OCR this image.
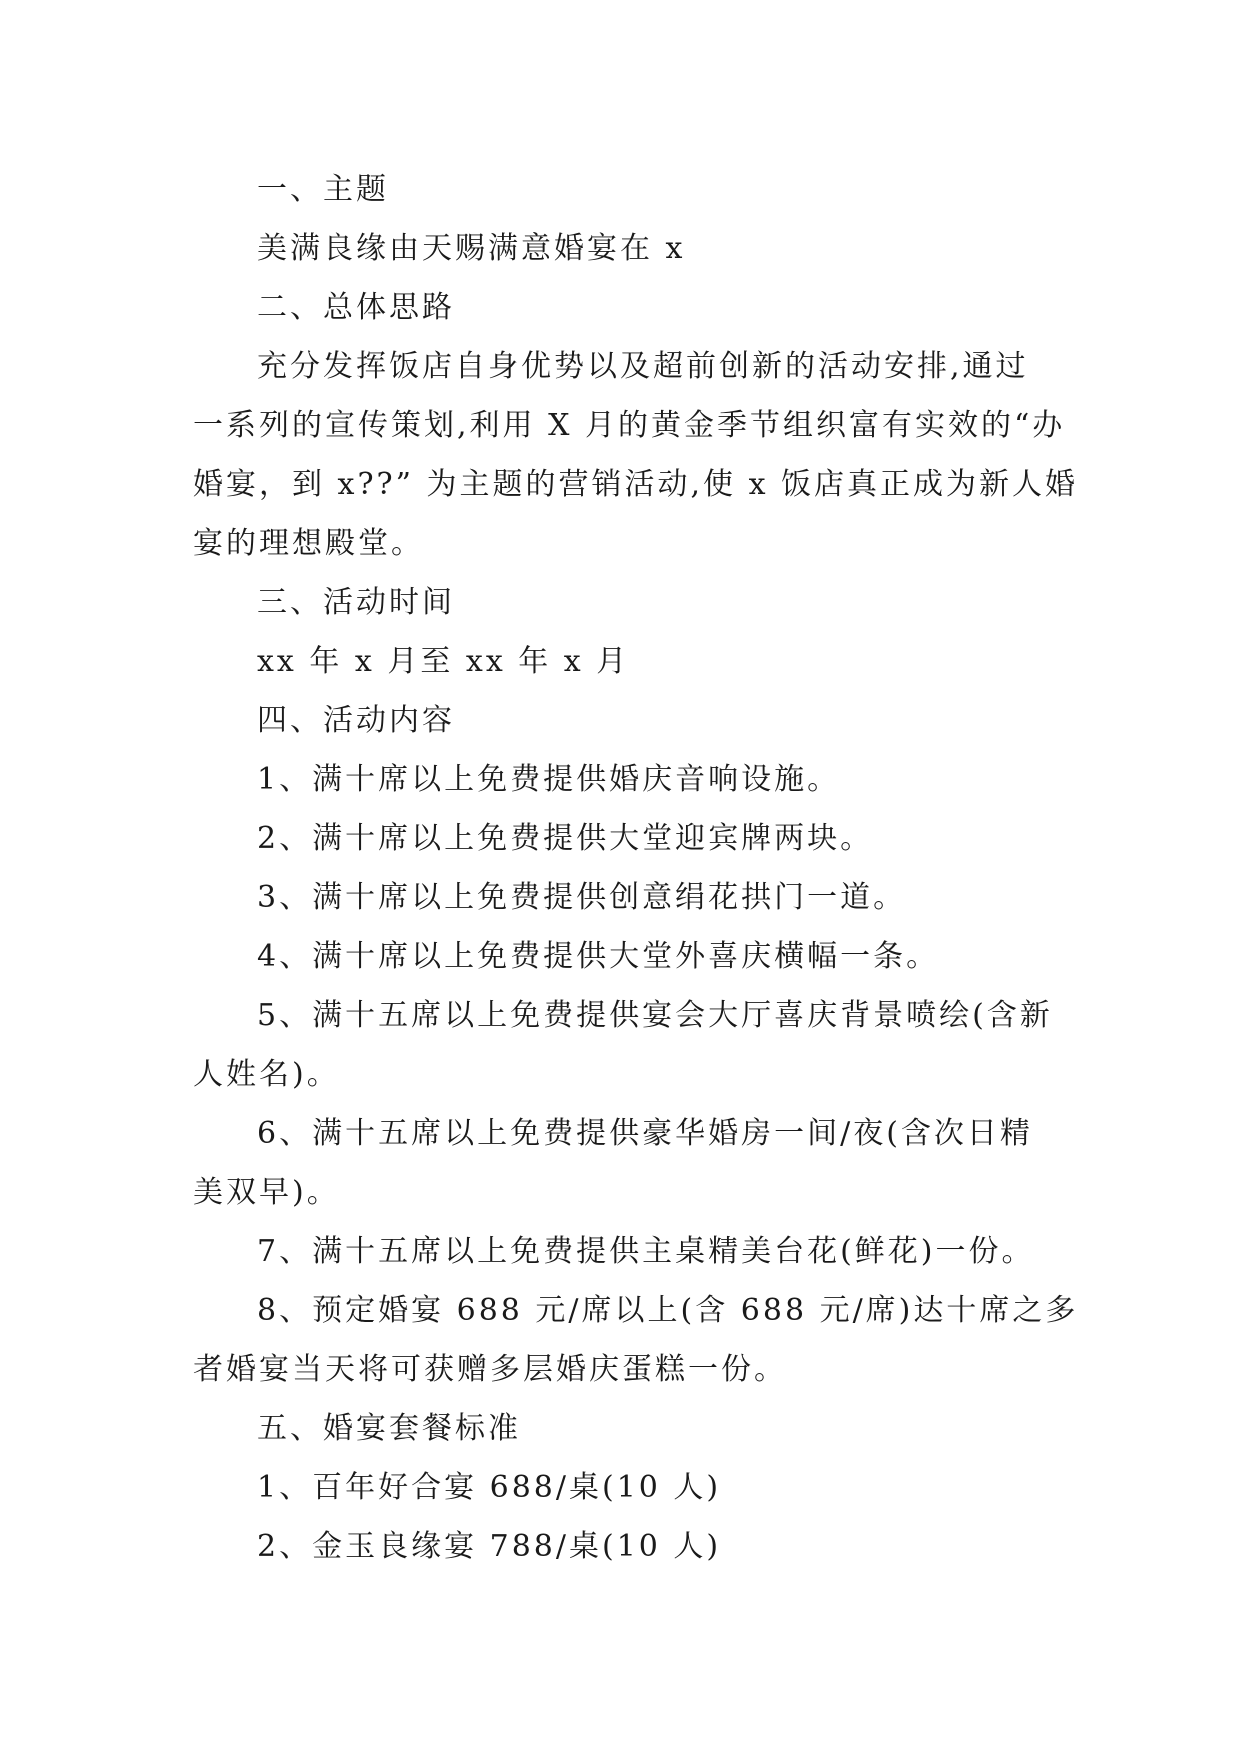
一、主题

美满良缘由天赐满意婚宴在 x

二、总体思路

充分发挥饭店自身优势以及超前创新的活动安排,通过

一系列的宣传策划,利用 X 月的黄金季节组织富有实效的“办

婚宴，到 x??” 为主题的营销活动,使 x 饭店真正成为新人婚

宴的理想殿堂。

三、活动时间

xx 年 x 月至 xx 年 x 月

四、活动内容

1、满十席以上免费提供婚庆音响设施。

2、满十席以上免费提供大堂迎宾牌两块。

3、满十席以上免费提供创意绢花拱门一道。

4、满十席以上免费提供大堂外喜庆横幅一条。

5、满十五席以上免费提供宴会大厅喜庆背景喷绘(含新

人姓名)。

6、满十五席以上免费提供豪华婚房一间/夜(含次日精

美双早)。

7、满十五席以上免费提供主桌精美台花(鲜花)一份。

8、预定婚宴 688 元/席以上(含 688 元/席)达十席之多

者婚宴当天将可获赠多层婚庆蛋糕一份。

五、婚宴套餐标准

1、百年好合宴 688/桌(10 人)

2、金玉良缘宴 788/桌(10 人)
